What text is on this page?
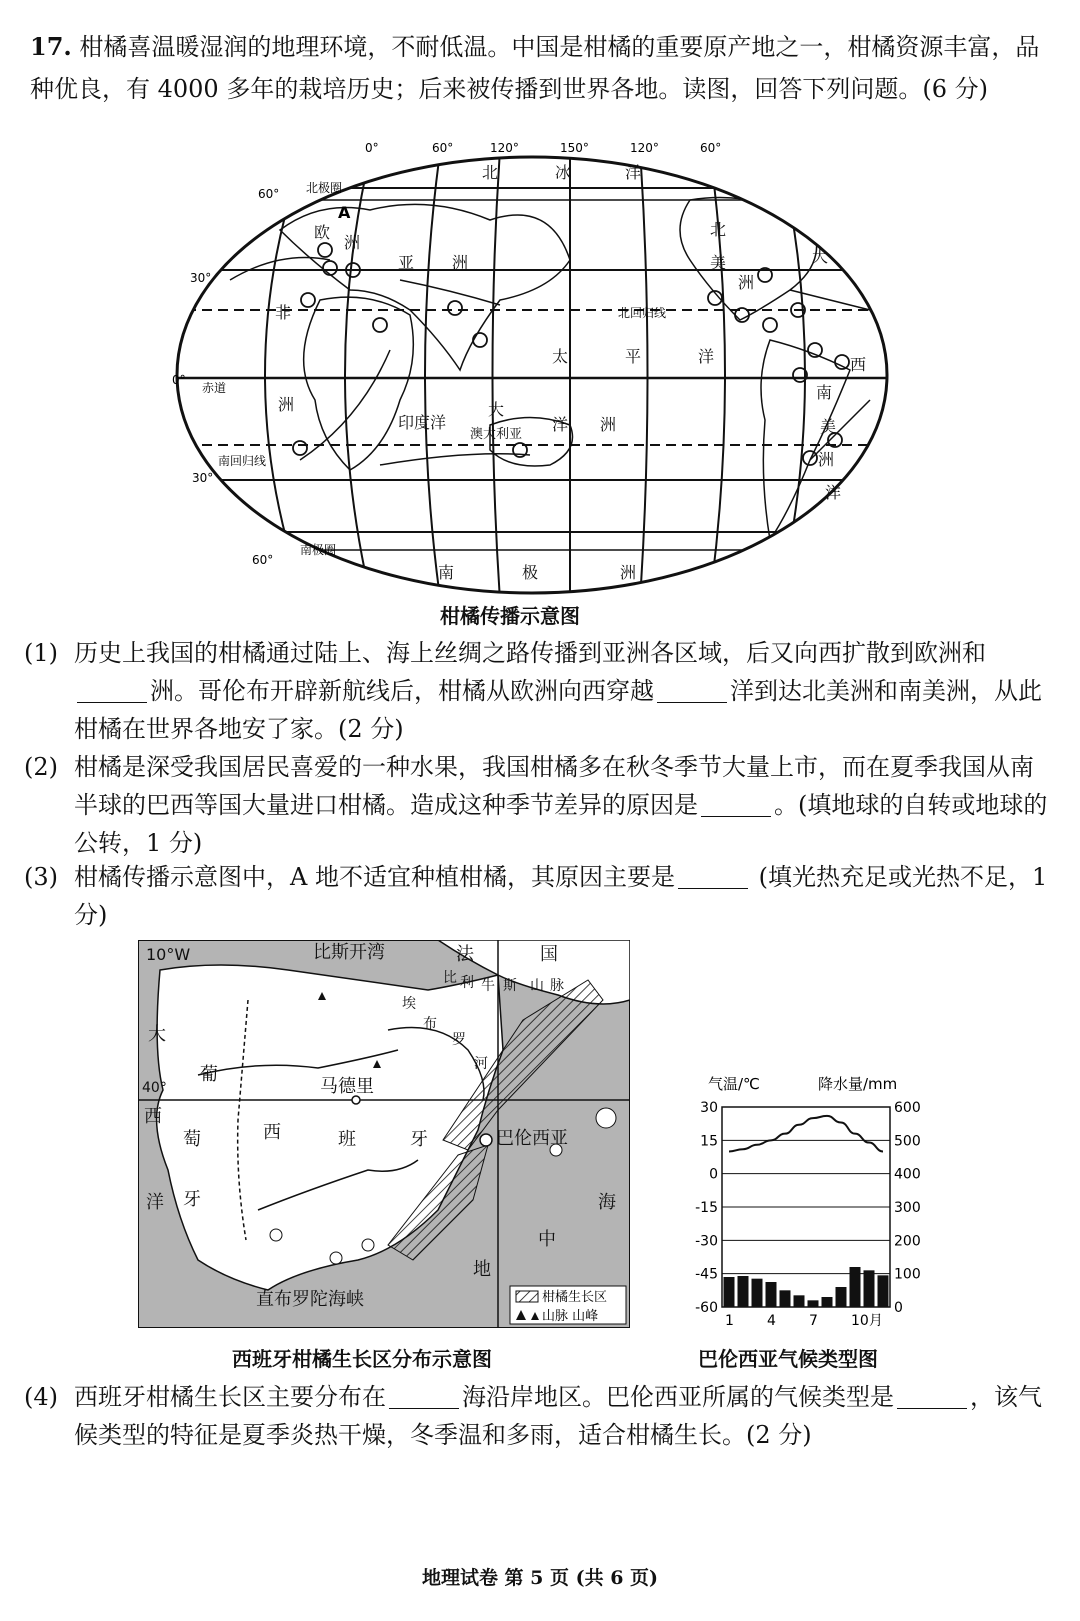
17. 柑橘喜温暖湿润的地理环境，不耐低温。中国是柑橘的重要原产地之一，柑橘资源丰富，品种优良，有 4000 多年的栽培历史；后来被传播到世界各地。读图，回答下列问题。(6 分)
0°	60°	120°	150°	120°	60°
60°
30°
0°
30°
60°
北极圈
北回归线
赤道
南回归线
南极圈
A
北	冰	洋
欧
洲
亚 洲
非
洲
印度洋
太	平	洋
大
洋 洲
澳大利亚
北
美
洲
大
西
洋
南
美
洲
南	极	洲
柑橘传播示意图
(1) 历史上我国的柑橘通过陆上、海上丝绸之路传播到亚洲各区域，后又向西扩散到欧洲和洲。哥伦布开辟新航线后，柑橘从欧洲向西穿越	洋到达北美洲和南美洲，从此柑橘在世界各地安了家。(2 分)
(2) 柑橘是深受我国居民喜爱的一种水果，我国柑橘多在秋冬季节大量上市，而在夏季我国从南半球的巴西等国大量进口柑橘。造成这种季节差异的原因是	。(填地球的自转或地球的公转，1 分)
(3) 柑橘传播示意图中，A 地不适宜种植柑橘，其原因主要是	(填光热充足或光热不足，1 分)
10°W
40°
比斯开湾	法	国
比 利 牛 斯 山 脉
埃
布
罗
河
马德里
巴伦西亚
葡
萄
牙
西	班	牙
大
西
洋
地
中
海
直布罗陀海峡	柑橘生长区
山脉 山峰
西班牙柑橘生长区分布示意图
气温/℃	降水量/mm
30	600
15	500
0	400
-15	300
-30	200
-45	100
-60	0
1 4 7 10月
巴伦西亚气候类型图
(4) 西班牙柑橘生长区主要分布在	海沿岸地区。巴伦西亚所属的气候类型是	，该气候类型的特征是夏季炎热干燥，冬季温和多雨，适合柑橘生长。(2 分)
地理试卷 第 5 页 (共 6 页)
